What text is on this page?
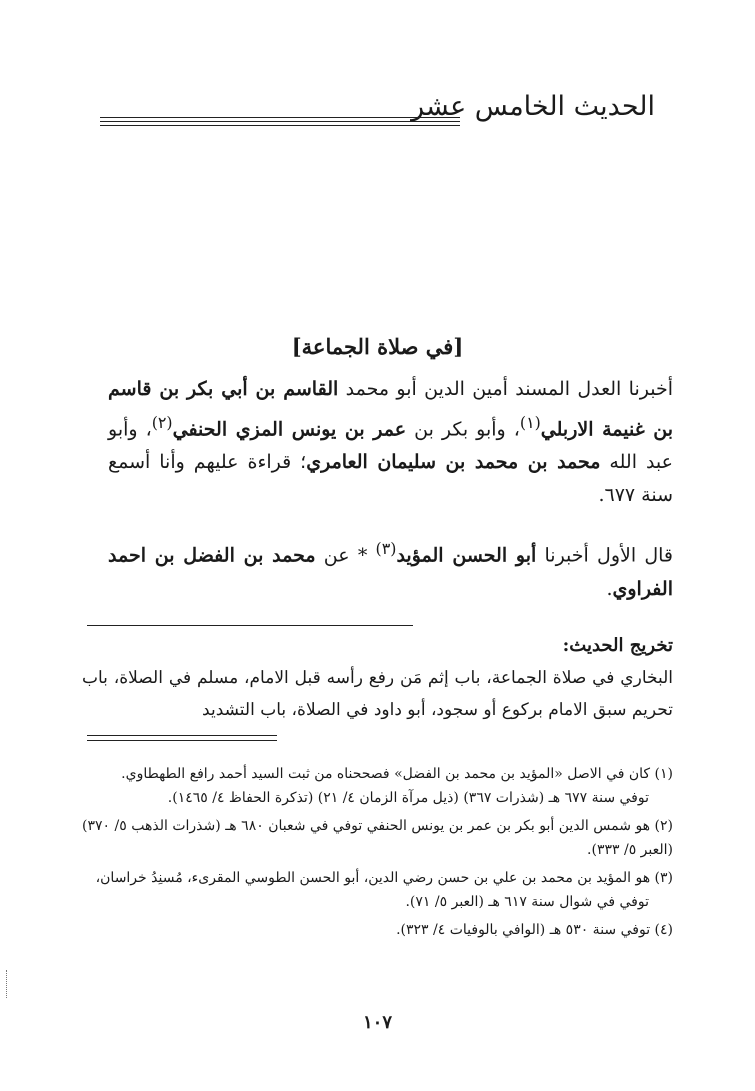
الحديث الخامس عشر
[في صلاة الجماعة]

أخبرنا العدل المسند أمين الدين أبو محمد القاسم بن أبي بكر بن قاسم بن غنيمة الاربلي$^{(١)}$، وأبو بكر بن عمر بن يونس المزي الحنفي$^{(٢)}$، وأبو عبد الله محمد بن محمد بن سليمان العامري؛ قراءة عليهم وأنا أسمع سنة ٦٧٧.

قال الأول أخبرنا أبو الحسن المؤيد$^{(٣)}$ * عن محمد بن الفضل بن احمد الفراوي.

تخريج الحديث:

البخاري في صلاة الجماعة، باب إثم مَن رفع رأسه قبل الامام، مسلم في الصلاة، باب تحريم سبق الامام بركوع أو سجود، أبو داود في الصلاة، باب التشديد

(١) كان في الاصل «المؤيد بن محمد بن الفضل» فصححناه من ثبت السيد أحمد رافع الطهطاوي.

توفي سنة ٦٧٧ هـ (شذرات ٣٦٧) (ذيل مرآة الزمان ٤/ ٢١) (تذكرة الحفاظ ٤/ ١٤٦٥).

(٢) هو شمس الدين أبو بكر بن عمر بن يونس الحنفي توفي في شعبان ٦٨٠ هـ (شذرات الذهب ٥/ ٣٧٠) (العبر ٥/ ٣٣٣).

(٣) هو المؤيد بن محمد بن علي بن حسن رضي الدين، أبو الحسن الطوسي المقرىء، مُسنِدُ خراسان،

توفي في شوال سنة ٦١٧ هـ (العبر ٥/ ٧١).

(٤) توفي سنة ٥٣٠ هـ (الوافي بالوفيات ٤/ ٣٢٣).

١٠٧
